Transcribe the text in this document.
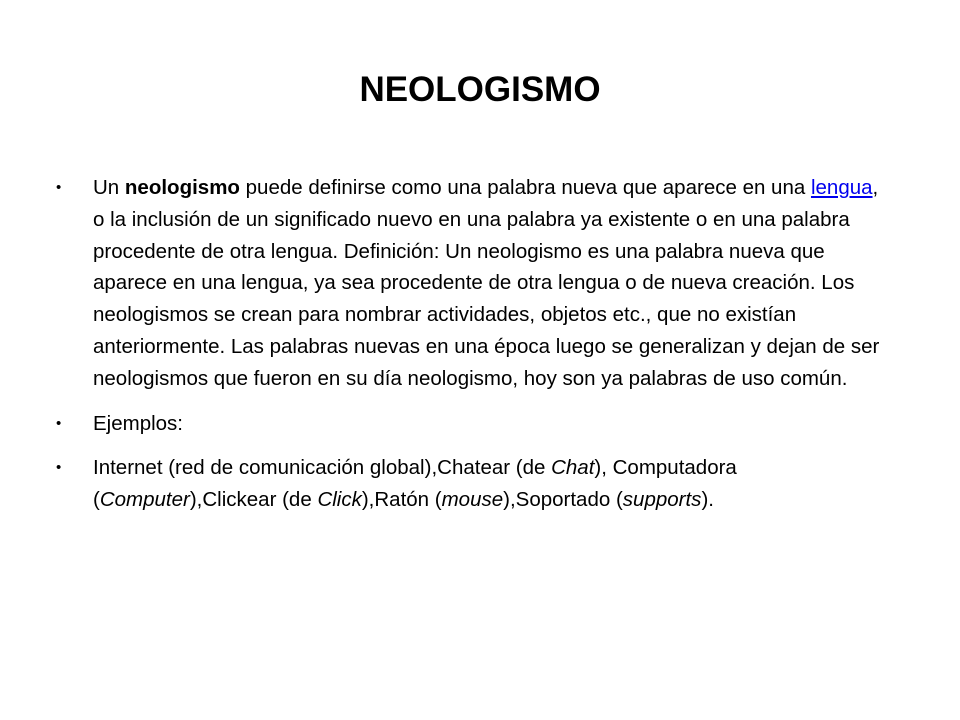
NEOLOGISMO
• Un neologismo puede definirse como una palabra nueva que aparece en una lengua, o la inclusión de un significado nuevo en una palabra ya existente o en una palabra procedente de otra lengua. Definición: Un neologismo es una palabra nueva que aparece en una lengua, ya sea procedente de otra lengua o de nueva creación. Los neologismos se crean para nombrar actividades, objetos etc., que no existían anteriormente. Las palabras nuevas en una época luego se generalizan y dejan de ser neologismos que fueron en su día neologismo, hoy son ya palabras de uso común.
• Ejemplos:
• Internet (red de comunicación global),Chatear (de Chat), Computadora (Computer),Clickear (de Click),Ratón (mouse),Soportado (supports).
